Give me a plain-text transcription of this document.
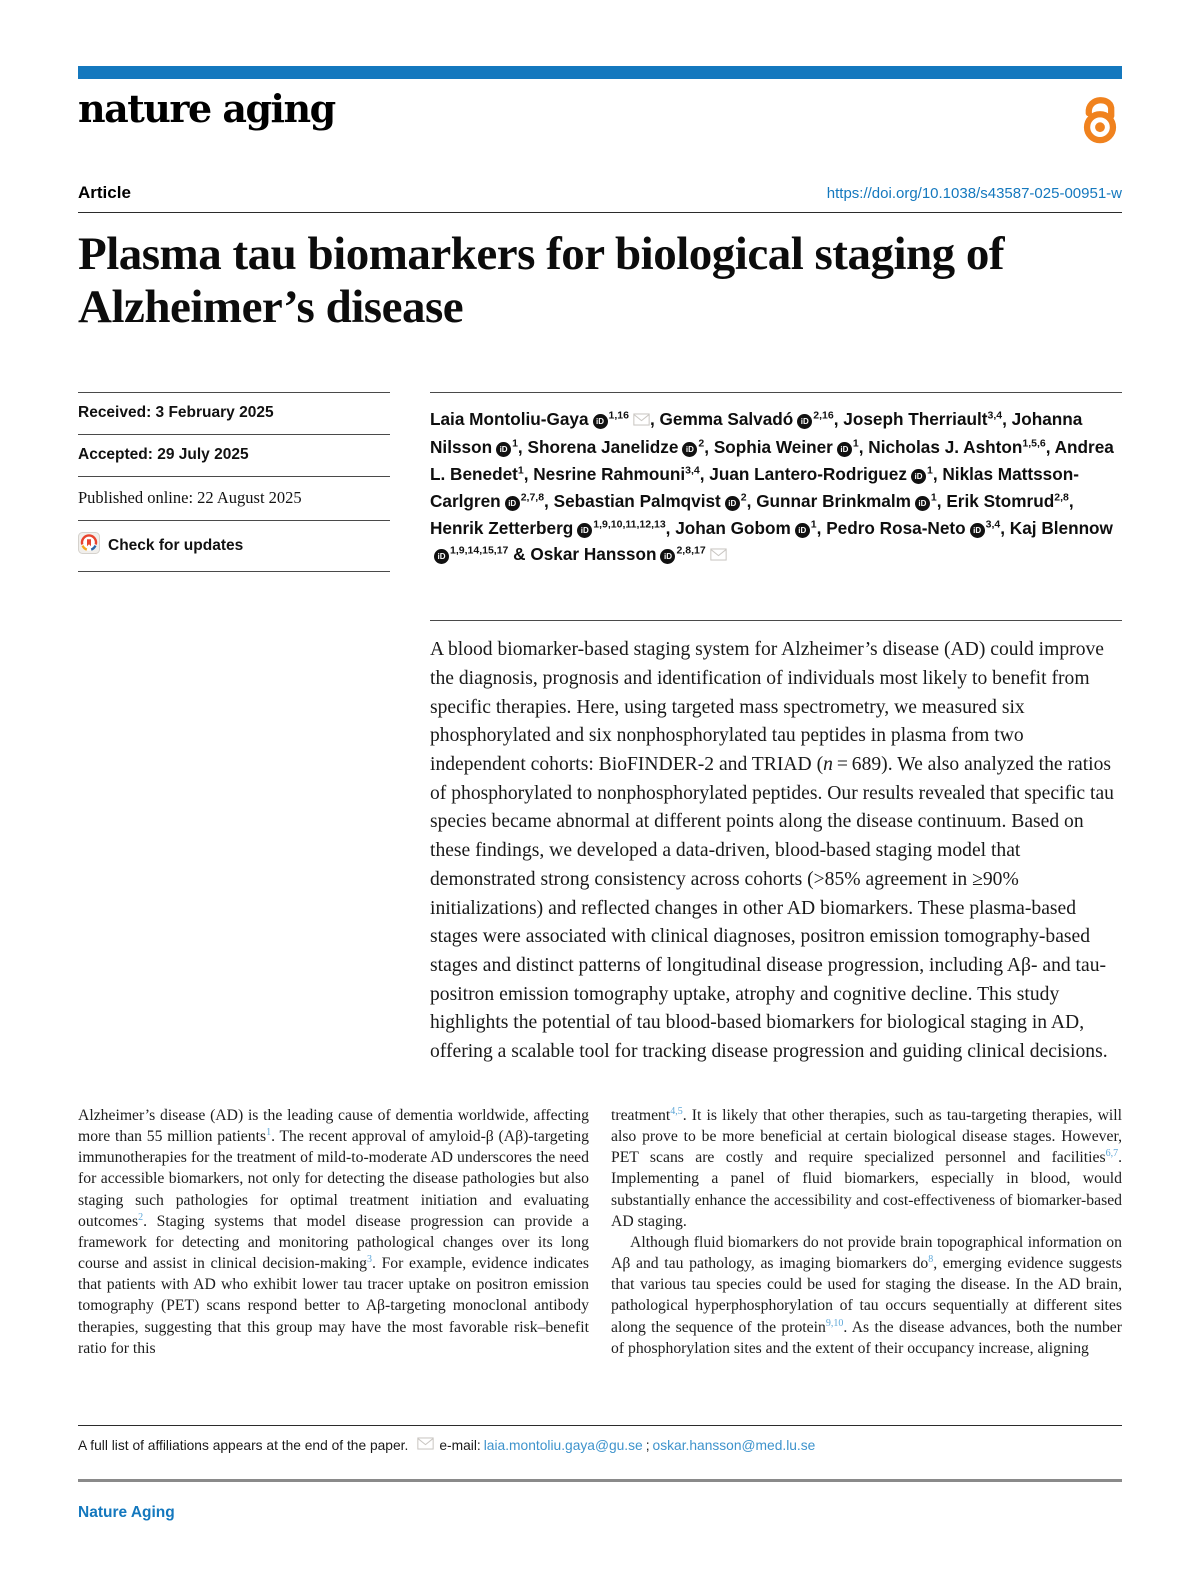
nature aging
Article	https://doi.org/10.1038/s43587-025-00951-w
Plasma tau biomarkers for biological staging of Alzheimer’s disease
Received: 3 February 2025
Accepted: 29 July 2025
Published online: 22 August 2025
Check for updates
Laia Montoliu-Gaya iD$^{1,16}$ , Gemma Salvadó iD$^{2,16}$, Joseph Therriault$^{3,4}$, Johanna Nilsson $iD^1$, Shorena Janelidze $iD^2$, Sophia Weiner $iD^1$, Nicholas J. Ashton$^{1,5,6}$, Andrea L. Benedet$^1$, Nesrine Rahmouni$^{3,4}$, Juan Lantero-Rodriguez $iD^1$, Niklas Mattsson-Carlgren iD$^{2,7,8}$, Sebastian Palmqvist $iD^2$, Gunnar Brinkmalm $iD^1$, Erik Stomrud$^{2,8}$, Henrik Zetterberg iD$^{1,9,10,11,12,13}$, Johan Gobom $iD^1$, Pedro Rosa-Neto iD$^{3,4}$, Kaj BlennowiD$^{1,9,14,15,17}$ & Oskar Hansson iD$^{2,8,17}$

A blood biomarker-based staging system for Alzheimer’s disease (AD) could improve the diagnosis, prognosis and identification of individuals most likely to benefit from specific therapies. Here, using targeted mass spectrometry, we measured six phosphorylated and six nonphosphorylated tau peptides in plasma from two independent cohorts: BioFINDER-2 and TRIAD (n = 689). We also analyzed the ratios of phosphorylated to nonphosphorylated peptides. Our results revealed that specific tau species became abnormal at different points along the disease continuum. Based on these findings, we developed a data-driven, blood-based staging model that demonstrated strong consistency across cohorts (>85% agreement in ≥90% initializations) and reflected changes in other AD biomarkers. These plasma-based stages were associated with clinical diagnoses, positron emission tomography-based stages and distinct patterns of longitudinal disease progression, including Aβ- and tau-positron emission tomography uptake, atrophy and cognitive decline. This study highlights the potential of tau blood-based biomarkers for biological staging in AD, offering a scalable tool for tracking disease progression and guiding clinical decisions.

Alzheimer’s disease (AD) is the leading cause of dementia worldwide, affecting more than 55 million patients$^1$. The recent approval of amyloid-β (Aβ)-targeting immunotherapies for the treatment of mild-to-moderate AD underscores the need for accessible biomarkers, not only for detecting the disease pathologies but also staging such pathologies for optimal treatment initiation and evaluating outcomes$^2$. Staging systems that model disease progression can provide a framework for detecting and monitoring pathological changes over its long course and assist in clinical decision-making$^3$. For example, evidence indicates that patients with AD who exhibit lower tau tracer uptake on positron emission tomography (PET) scans respond better to Aβ-targeting monoclonal antibody therapies, suggesting that this group may have the most favorable risk–benefit ratio for this

treatment$^{4,5}$. It is likely that other therapies, such as tau-targeting therapies, will also prove to be more beneficial at certain biological disease stages. However, PET scans are costly and require specialized personnel and facilities$^{6,7}$. Implementing a panel of fluid biomarkers, especially in blood, would substantially enhance the accessibility and cost-effectiveness of biomarker-based AD staging.

Although fluid biomarkers do not provide brain topographical information on Aβ and tau pathology, as imaging biomarkers do$^8$, emerging evidence suggests that various tau species could be used for staging the disease. In the AD brain, pathological hyperphosphorylation of tau occurs sequentially at different sites along the sequence of the protein$^{9,10}$. As the disease advances, both the number of phosphorylation sites and the extent of their occupancy increase, aligning

A full list of affiliations appears at the end of the paper. e-mail: laia.montoliu.gaya@gu.se ; oskar.hansson@med.lu.se
Nature Aging
